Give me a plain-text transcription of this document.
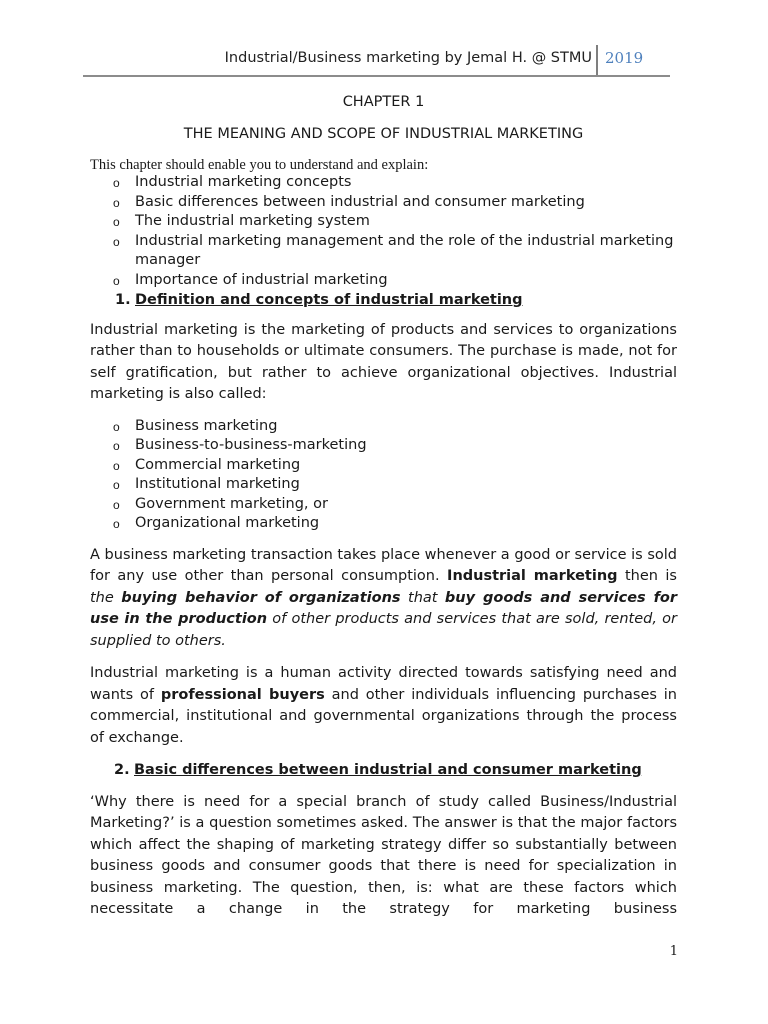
Industrial/Business marketing by Jemal H. @ STMU 2019
CHAPTER 1
THE MEANING AND SCOPE OF INDUSTRIAL MARKETING

This chapter should enable you to understand and explain:

o Industrial marketing concepts
o Basic differences between industrial and consumer marketing
o The industrial marketing system
o Industrial marketing management and the role of the industrial marketing manager
o Importance of industrial marketing
1. Definition and concepts of industrial marketing

Industrial marketing is the marketing of products and services to organizations rather than to households or ultimate consumers. The purchase is made, not for self gratification, but rather to achieve organizational objectives. Industrial marketing is also called:

o Business marketing
o Business-to-business-marketing
o Commercial marketing
o Institutional marketing
o Government marketing, or
o Organizational marketing

A business marketing transaction takes place whenever a good or service is sold for any use other than personal consumption. Industrial marketing then is the buying behavior of organizations that buy goods and services for use in the production of other products and services that are sold, rented, or supplied to others.

Industrial marketing is a human activity directed towards satisfying need and wants of professional buyers and other individuals influencing purchases in commercial, institutional and governmental organizations through the process of exchange.

2. Basic differences between industrial and consumer marketing

‘Why there is need for a special branch of study called Business/Industrial Marketing?’ is a question sometimes asked. The answer is that the major factors which affect the shaping of marketing strategy differ so substantially between business goods and consumer goods that there is need for specialization in business marketing. The question, then, is: what are these factors which necessitate a change in the strategy for marketing business

1
